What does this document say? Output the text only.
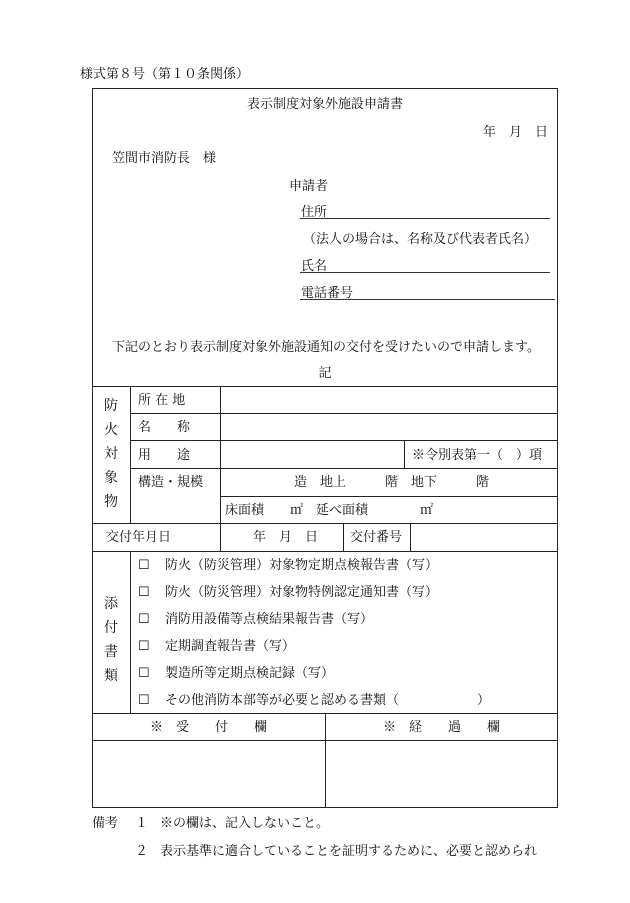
様式第８号（第１０条関係）
表示制度対象外施設申請書
年　月　日
笠間市消防長　様
申請者
住所
（法人の場合は、名称及び代表者氏名）
氏名
電話番号
下記のとおり表示制度対象外施設通知の交付を受けたいので申請します。
記
防
火
対
象
物
所 在 地
名　　称
用　　途	※令別表第一（　）項
構造・規模	造　地上　　　階　地下　　　階
床面積　　㎡　延べ面積　　　　㎡
交付年月日	年　月　日 交付番号
添
付
書
類
☐ 防火（防災管理）対象物定期点検報告書（写）
☐ 防火（防災管理）対象物特例認定通知書（写）
☐ 消防用設備等点検結果報告書（写）
☐ 定期調査報告書（写）
☐ 製造所等定期点検記録（写）
☐ その他消防本部等が必要と認める書類（　　　　　　）
※　受　　付　　欄	※　経　　過　　欄
備考 １ ※の欄は、記入しないこと。
２ 表示基準に適合していることを証明するために、必要と認められ
